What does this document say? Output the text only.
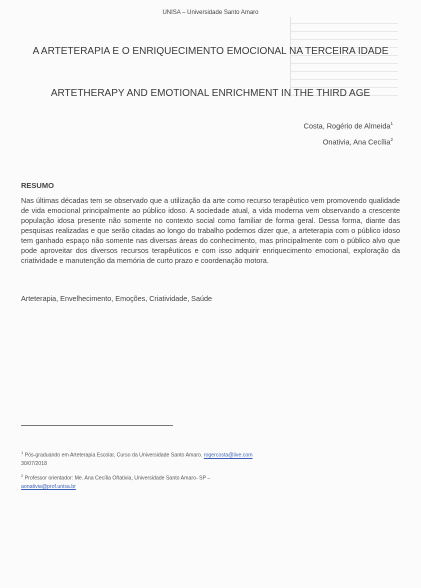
UNISA – Universidade Santo Amaro
A ARTETERAPIA E O ENRIQUECIMENTO EMOCIONAL NA TERCEIRA IDADE
ARTETHERAPY AND EMOTIONAL ENRICHMENT IN THE THIRD AGE
Costa, Rogério de Almeida$^1$
Onativia, Ana Cecília$^2$
RESUMO
Nas últimas décadas tem se observado que a utilização da arte como recurso terapêutico vem promovendo qualidade de vida emocional principalmente ao público idoso. A sociedade atual, a vida moderna vem observando a crescente população idosa presente não somente no contexto social como familiar de forma geral. Dessa forma, diante das pesquisas realizadas e que serão citadas ao longo do trabalho podemos dizer que, a arteterapia com o público idoso tem ganhado espaço não somente nas diversas áreas do conhecimento, mas principalmente com o público alvo que pode aproveitar dos diversos recursos terapêuticos e com isso adquirir enriquecimento emocional, exploração da criatividade e manutenção da memória de curto prazo e coordenação motora.
Arteterapia, Envelhecimento, Emoções, Criatividade, Saúde
$^1$ Pós-graduando em Arteterapia Escolar, Curso da Universidade Santo Amaro. rogercosta@live.com
30/07/2018
$^2$ Professor orientador: Me. Ana Cecília Oñativia, Universidade Santo Amaro- SP –
aonativia@prof.unisa.br
